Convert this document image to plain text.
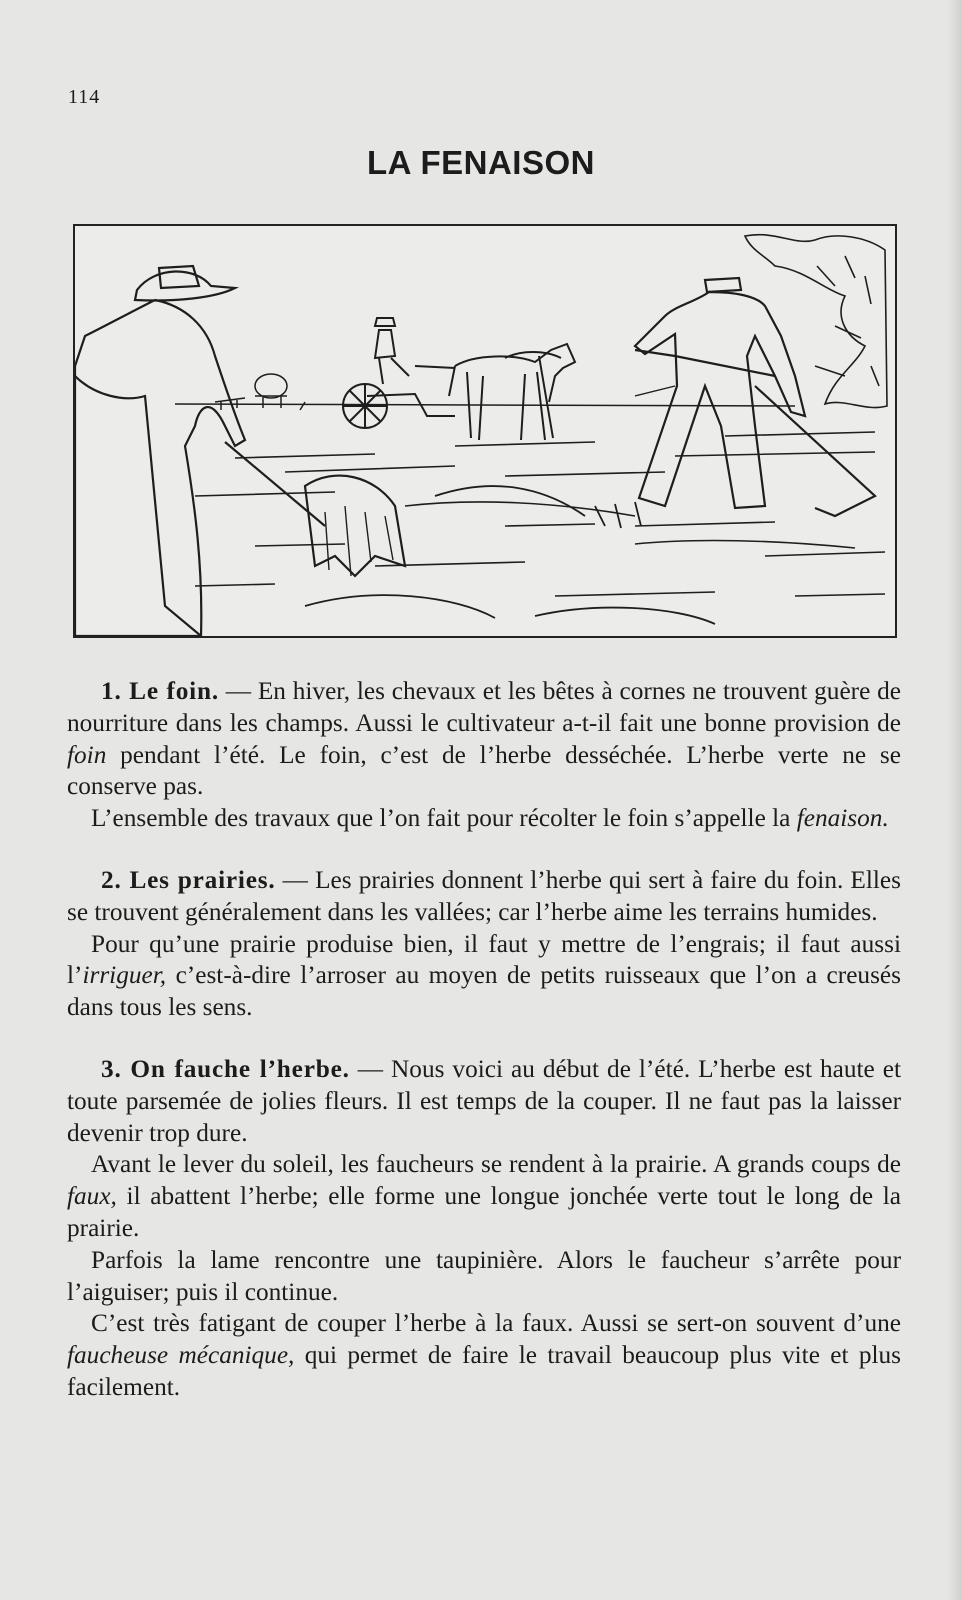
114
LA FENAISON

1. Le foin. — En hiver, les chevaux et les bêtes à cornes ne trouvent guère de nourriture dans les champs. Aussi le cultivateur a-t-il fait une bonne provision de foin pendant l’été. Le foin, c’est de l’herbe desséchée. L’herbe verte ne se conserve pas.

L’ensemble des travaux que l’on fait pour récolter le foin s’appelle la fenaison.

2. Les prairies. — Les prairies donnent l’herbe qui sert à faire du foin. Elles se trouvent généralement dans les vallées; car l’herbe aime les terrains humides.

Pour qu’une prairie produise bien, il faut y mettre de l’engrais; il faut aussi l’irriguer, c’est-à-dire l’arroser au moyen de petits ruisseaux que l’on a creusés dans tous les sens.

3. On fauche l’herbe. — Nous voici au début de l’été. L’herbe est haute et toute parsemée de jolies fleurs. Il est temps de la couper. Il ne faut pas la laisser devenir trop dure.

Avant le lever du soleil, les faucheurs se rendent à la prairie. A grands coups de faux, il abattent l’herbe; elle forme une longue jonchée verte tout le long de la prairie.

Parfois la lame rencontre une taupinière. Alors le faucheur s’arrête pour l’aiguiser; puis il continue.

C’est très fatigant de couper l’herbe à la faux. Aussi se sert-on souvent d’une faucheuse mécanique, qui permet de faire le travail beaucoup plus vite et plus facilement.
